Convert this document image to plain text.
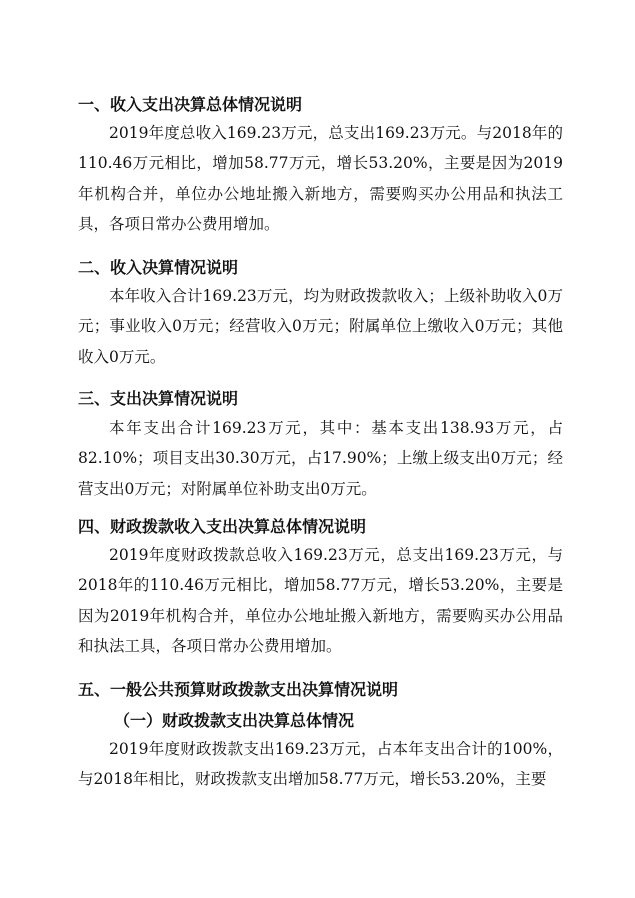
一、收入支出决算总体情况说明

2019年度总收入169.23万元，总支出169.23万元。与2018年的110.46万元相比，增加58.77万元，增长53.20%，主要是因为2019年机构合并，单位办公地址搬入新地方，需要购买办公用品和执法工具，各项日常办公费用增加。

二、收入决算情况说明

本年收入合计169.23万元，均为财政拨款收入；上级补助收入0万元；事业收入0万元；经营收入0万元；附属单位上缴收入0万元；其他收入0万元。

三、支出决算情况说明

本年支出合计169.23万元，其中：基本支出138.93万元，占82.10%；项目支出30.30万元，占17.90%；上缴上级支出0万元；经营支出0万元；对附属单位补助支出0万元。

四、财政拨款收入支出决算总体情况说明

2019年度财政拨款总收入169.23万元，总支出169.23万元，与2018年的110.46万元相比，增加58.77万元，增长53.20%，主要是因为2019年机构合并，单位办公地址搬入新地方，需要购买办公用品和执法工具，各项日常办公费用增加。

五、一般公共预算财政拨款支出决算情况说明
（一）财政拨款支出决算总体情况

2019年度财政拨款支出169.23万元，占本年支出合计的100%，与2018年相比，财政拨款支出增加58.77万元，增长53.20%，主要
